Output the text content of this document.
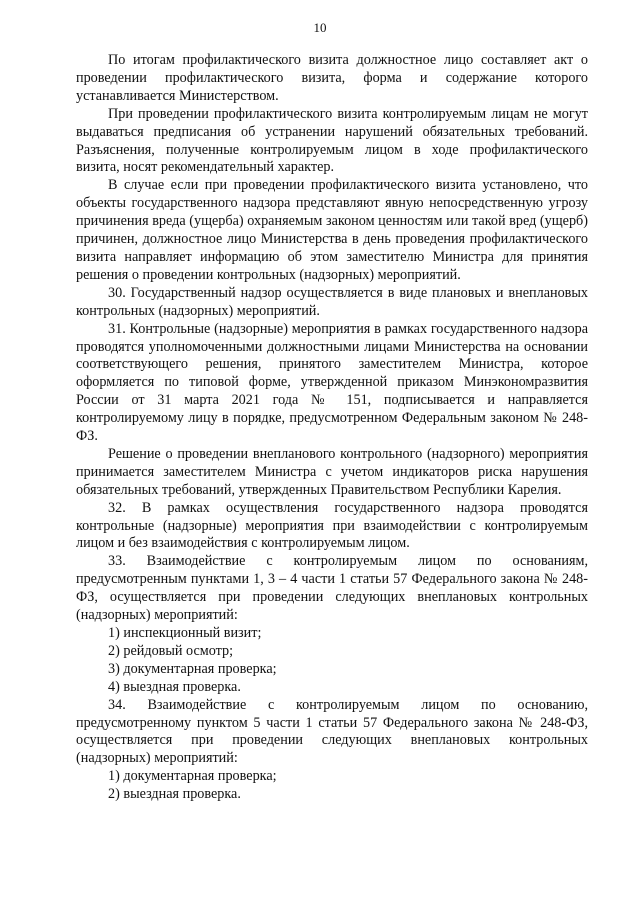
10

По итогам профилактического визита должностное лицо составляет акт о проведении профилактического визита, форма и содержание которого устанавливается Министерством.

При проведении профилактического визита контролируемым лицам не могут выдаваться предписания об устранении нарушений обязательных требований. Разъяснения, полученные контролируемым лицом в ходе профилактического визита, носят рекомендательный характер.

В случае если при проведении профилактического визита установлено, что объекты государственного надзора представляют явную непосредственную угрозу причинения вреда (ущерба) охраняемым законом ценностям или такой вред (ущерб) причинен, должностное лицо Министерства в день проведения профилактического визита направляет информацию об этом заместителю Министра для принятия решения о проведении контрольных (надзорных) мероприятий.

30. Государственный надзор осуществляется в виде плановых и внеплановых контрольных (надзорных) мероприятий.

31. Контрольные (надзорные) мероприятия в рамках государственного надзора проводятся уполномоченными должностными лицами Министерства на основании соответствующего решения, принятого заместителем Министра, которое оформляется по типовой форме, утвержденной приказом Минэкономразвития России от 31 марта 2021 года № 151, подписывается и направляется контролируемому лицу в порядке, предусмотренном Федеральным законом № 248-ФЗ.

Решение о проведении внепланового контрольного (надзорного) мероприятия принимается заместителем Министра с учетом индикаторов риска нарушения обязательных требований, утвержденных Правительством Республики Карелия.

32. В рамках осуществления государственного надзора проводятся контрольные (надзорные) мероприятия при взаимодействии с контролируемым лицом и без взаимодействия с контролируемым лицом.

33. Взаимодействие с контролируемым лицом по основаниям, предусмотренным пунктами 1, 3 – 4 части 1 статьи 57 Федерального закона № 248-ФЗ, осуществляется при проведении следующих внеплановых контрольных (надзорных) мероприятий:

1) инспекционный визит;

2) рейдовый осмотр;

3) документарная проверка;

4) выездная проверка.

34. Взаимодействие с контролируемым лицом по основанию, предусмотренному пунктом 5 части 1 статьи 57 Федерального закона № 248-ФЗ, осуществляется при проведении следующих внеплановых контрольных (надзорных) мероприятий:

1) документарная проверка;

2) выездная проверка.
